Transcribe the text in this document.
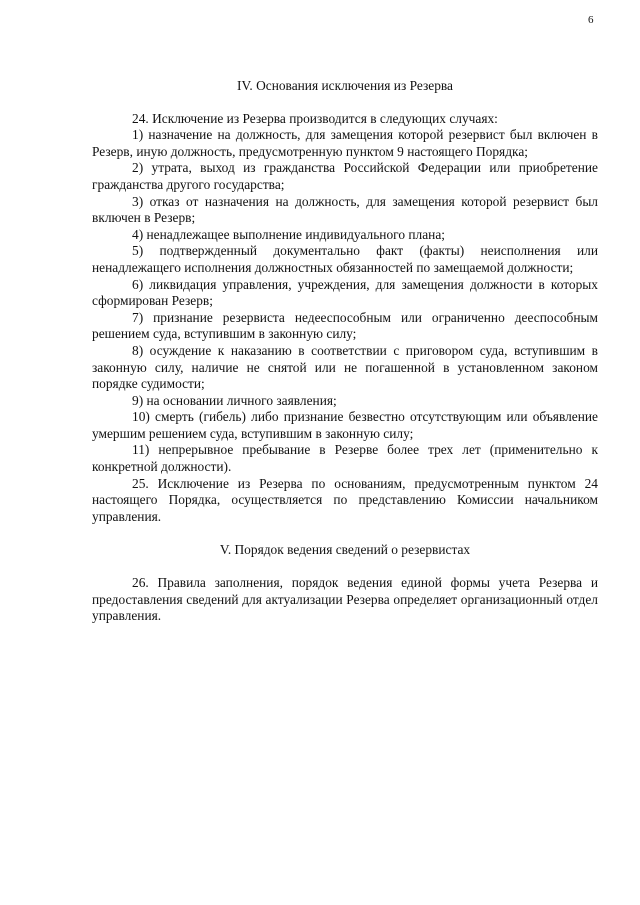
6

IV. Основания исключения из Резерва

24. Исключение из Резерва производится в следующих случаях:

1) назначение на должность, для замещения которой резервист был включен в Резерв, иную должность, предусмотренную пунктом 9 настоящего Порядка;

2) утрата, выход из гражданства Российской Федерации или приобретение гражданства другого государства;

3) отказ от назначения на должность, для замещения которой резервист был включен в Резерв;

4) ненадлежащее выполнение индивидуального плана;

5) подтвержденный документально факт (факты) неисполнения или ненадлежащего исполнения должностных обязанностей по замещаемой должности;

6) ликвидация управления, учреждения, для замещения должности в которых сформирован Резерв;

7) признание резервиста недееспособным или ограниченно дееспособным решением суда, вступившим в законную силу;

8) осуждение к наказанию в соответствии с приговором суда, вступившим в законную силу, наличие не снятой или не погашенной в установленном законом порядке судимости;

9) на основании личного заявления;

10) смерть (гибель) либо признание безвестно отсутствующим или объявление умершим решением суда, вступившим в законную силу;

11) непрерывное пребывание в Резерве более трех лет (применительно к конкретной должности).

25. Исключение из Резерва по основаниям, предусмотренным пунктом 24 настоящего Порядка, осуществляется по представлению Комиссии начальником управления.

V. Порядок ведения сведений о резервистах

26. Правила заполнения, порядок ведения единой формы учета Резерва и предоставления сведений для актуализации Резерва определяет организационный отдел управления.
